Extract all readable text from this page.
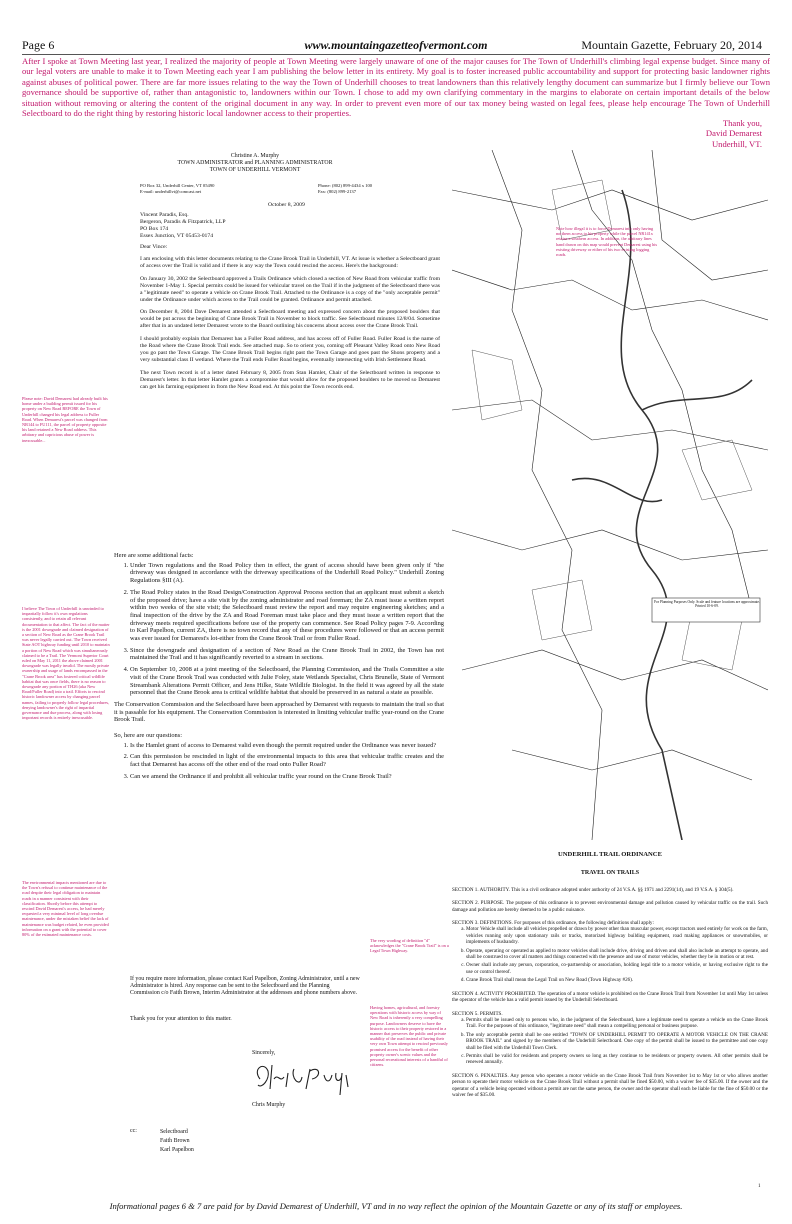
Page 6	www.mountaingazetteofvermont.com	Mountain Gazette, February 20, 2014
After I spoke at Town Meeting last year, I realized the majority of people at Town Meeting were largely unaware of one of the major causes for The Town of Underhill's climbing legal expense budget. Since many of our legal voters are unable to make it to Town Meeting each year I am publishing the below letter in its entirety. My goal is to foster increased public accountability and support for protecting basic landowner rights against abuses of political power. There are far more issues relating to the way the Town of Underhill chooses to treat landowners than this relatively lengthy document can summarize but I firmly believe our Town governance should be supportive of, rather than antagonistic to, landowners within our Town. I chose to add my own clarifying commentary in the margins to elaborate on certain important details of the below situation without removing or altering the content of the original document in any way. In order to prevent even more of our tax money being wasted on legal fees, please help encourage The Town of Underhill Selectboard to do the right thing by restoring historic local landowner access to their properties.
Thank you,
David Demarest
Underhill, VT.
Christine A. Murphy
TOWN ADMINISTRATOR and PLANNING ADMINISTRATOR
TOWN OF UNDERHILL VERMONT
PO Box 32, Underhill Center, VT 05490
E-mail: underhillvt@comcast.net
Phone: (802) 899-4434 x 100
Fax: (802) 899-2137
October 8, 2009
Vincent Paradis, Esq.
Bergeron, Paradis & Fitzpatrick, LLP
PO Box 174
Essex Junction, VT 05453-0174
Dear Vince:

I am enclosing with this letter documents relating to the Crane Brook Trail in Underhill, VT. At issue is whether a Selectboard grant of access over the Trail is valid and if there is any way the Town could rescind the access. Here's the background:

On January 30, 2002 the Selectboard approved a Trails Ordinance which closed a section of New Road from vehicular traffic from November 1-May 1. Special permits could be issued for vehicular travel on the Trail if in the judgment of the Selectboard there was a "legitimate need" to operate a vehicle on Crane Brook Trail. Attached to the Ordinance is a copy of the "only acceptable permit" under the Ordinance under which access to the Trail could be granted. Ordinance and permit attached.

On December 8, 2004 Dave Demarest attended a Selectboard meeting and expressed concern about the proposed boulders that would be put across the beginning of Crane Brook Trail in November to block traffic. See Selectboard minutes 12/8/04. Sometime after that in an undated letter Demarest wrote to the Board outlining his concerns about access over the Crane Brook Trail.

I should probably explain that Demarest has a Fuller Road address, and has access off of Fuller Road. Fuller Road is the name of the Road where the Crane Brook Trail ends. See attached map. So to orient you, coming off Pleasant Valley Road onto New Road you go past the Town Garage. The Crane Brook Trail begins right past the Town Garage and goes past the Shons property and a very substantial class II wetland. Where the Trail ends Fuller Road begins, eventually intersecting with Irish Settlement Road.

The next Town record is of a letter dated February 8, 2005 from Stan Hamlet, Chair of the Selectboard written in response to Demarest's letter. In that letter Hamlet grants a compromise that would allow for the proposed boulders to be moved so Demarest can get his farming equipment in from the New Road end. At this point the Town records end.

Note how illegal it is to force Demarest into only having northern access to his property while the parcel NR141x retains a southern access. In addition, the arbitrary lines hand drawn on this map would prevent Demarest using his existing driveway or either of his two existing logging roads.
For Planning Purposes Only. Scale and feature locations are approximate. Printed 10-6-09.
Please note: David Demarest had already built his home under a building permit issued for his property on New Road BEFORE the Town of Underhill changed his legal address to Fuller Road. When Demarest's parcel was changed from NR144 to FU111, the parcel of property opposite his land retained a New Road address. This arbitrary and capricious abuse of power is inexcusable...
I believe The Town of Underhill is unwinded to impartially follow it's own regulations consistently, and to retain all relevant documentation to that affect. The fact of the matter is the 2001 downgrade and claimed designation of a section of New Road as the Crane Brook Trail was never legally carried out. The Town received State AOT highway funding until 2010 to maintain a portion of New Road which was simultaneously claimed to be a Trail. The Vermont Superior Court ruled on May 11, 2011 the above claimed 2001 downgrade was legally invalid. The mostly private ownership and usage of lands encompassed in the "Crane Brook area" has fostered critical wildlife habitat that was once fields, there is no reason to downgrade any portion of TH26 (aka New Road/Fuller Road) into a trail. Efforts to rescind historic landowner access by changing parcel names, failing to properly follow legal procedures, denying landowner's the right of impartial governance and due process, along with losing important records is entirely inexcusable.
The environmental impacts mentioned are due to the Town's refusal to continue maintenance of the road despite their legal obligation to maintain roads in a manner consistent with their classification. Shortly before this attempt to rescind David Demarest's access, he had merely requested a very minimal level of long overdue maintenance, under the mistaken belief the lack of maintenance was budget related, he even provided information on a grant with the potential to cover 80% of the estimated maintenance costs.
The very wording of definition "d" acknowledges the "Crane Brook Trail" is on a Legal Town Highway.
Having homes, agricultural, and forestry operations with historic access by way of New Road is inherently a very compelling purpose. Landowners deserve to have the historic access to their property restored in a manner that preserves the public and private usability of the road instead of having their very own Town attempt to rescind previously promised access for the benefit of other property owner's scenic values and the personal recreational interests of a handful of citizens.
Here are some additional facts:
1. Under Town regulations and the Road Policy then in effect, the grant of access should have been given only if "the driveway was designed in accordance with the driveway specifications of the Underhill Road Policy." Underhill Zoning Regulations §III (A).
2. The Road Policy states in the Road Design/Construction Approval Process section that an applicant must submit a sketch of the proposed drive; have a site visit by the zoning administrator and road foreman; the ZA must issue a written report within two weeks of the site visit; the Selectboard must review the report and may require engineering sketches; and a final inspection of the drive by the ZA and Road Foreman must take place and they must issue a written report that the driveway meets required specifications before use of the property can commence. See Road Policy pages 7-9. According to Karl Papelbon, current ZA, there is no town record that any of these procedures were followed or that an access permit was ever issued for Demarest's lot-either from the Crane Brook Trail or from Fuller Road.
3. Since the downgrade and designation of a section of New Road as the Crane Brook Trail in 2002, the Town has not maintained the Trail and it has significantly reverted to a stream in sections.
4. On September 10, 2008 at a joint meeting of the Selectboard, the Planning Commission, and the Trails Committee a site visit of the Crane Brook Trail was conducted with Julie Foley, state Wetlands Specialist, Chris Brunelle, State of Vermont Streambank Alterations Permit Officer, and Jens Hilke, State Wildlife Biologist. In the field it was agreed by all the state personnel that the Crane Brook area is critical wildlife habitat that should be preserved in as natural a state as possible.
The Conservation Commission and the Selectboard have been approached by Demarest with requests to maintain the trail so that it is passable for his equipment. The Conservation Commission is interested in limiting vehicular traffic year-round on the Crane Brook Trail.
So, here are our questions:
1. Is the Hamlet grant of access to Demarest valid even though the permit required under the Ordinance was never issued?
2. Can this permission be rescinded in light of the environmental impacts to this area that vehicular traffic creates and the fact that Demarest has access off the other end of the road onto Fuller Road?
3. Can we amend the Ordinance if and prohibit all vehicular traffic year round on the Crane Brook Trail?
If you require more information, please contact Karl Papelbon, Zoning Administrator, until a new Administrator is hired. Any response can be sent to the Selectboard and the Planning Commission c/o Faith Brown, Interim Administrator at the addresses and phone numbers above.
Thank you for your attention to this matter.
Sincerely,
Chris Murphy
cc:	Selectboard
Faith Brown
Karl Papelbon
UNDERHILL TRAIL ORDINANCE
TRAVEL ON TRAILS
SECTION 1. AUTHORITY. This is a civil ordinance adopted under authority of 24 V.S.A. §§ 1971 and 2291(14), and 19 V.S.A. § 304(5).
SECTION 2. PURPOSE. The purpose of this ordinance is to prevent environmental damage and pollution caused by vehicular traffic on the trail. Such damage and pollution are hereby deemed to be a public nuisance.
SECTION 3. DEFINITIONS. For purposes of this ordinance, the following definitions shall apply:
a. Motor Vehicle shall include all vehicles propelled or drawn by power other than muscular power, except tractors used entirely for work on the farm, vehicles running only upon stationary rails or tracks, motorized highway building equipment, road making appliances or snowmobiles, or implements of husbandry.
b. Operate, operating or operated as applied to motor vehicles shall include drive, driving and driven and shall also include an attempt to operate, and shall be construed to cover all matters and things connected with the presence and use of motor vehicles, whether they be in motion or at rest.
c. Owner shall include any person, corporation, co-partnership or association, holding legal title to a motor vehicle, or having exclusive right to the use or control thereof.
d. Crane Brook Trail shall mean the Legal Trail on New Road (Town Highway #26).
SECTION 4. ACTIVITY PROHIBITED. The operation of a motor vehicle is prohibited on the Crane Brook Trail from November 1st until May 1st unless the operator of the vehicle has a valid permit issued by the Underhill Selectboard.
SECTION 5. PERMITS.
a. Permits shall be issued only to persons who, in the judgment of the Selectboard, have a legitimate need to operate a vehicle on the Crane Brook Trail. For the purposes of this ordinance, "legitimate need" shall mean a compelling personal or business purpose.
b. The only acceptable permit shall be one entitled "TOWN OF UNDERHILL PERMIT TO OPERATE A MOTOR VEHICLE ON THE CRANE BROOK TRAIL" and signed by the members of the Underhill Selectboard. One copy of the permit shall be issued to the permittee and one copy shall be filed with the Underhill Town Clerk.
c. Permits shall be valid for residents and property owners so long as they continue to be residents or property owners. All other permits shall be renewed annually.
SECTION 6. PENALTIES. Any person who operates a motor vehicle on the Crane Brook Trail from November 1st to May 1st or who allows another person to operate their motor vehicle on the Crane Brook Trail without a permit shall be fined $50.00, with a waiver fee of $35.00. If the owner and the operator of a vehicle being operated without a permit are not the same person, the owner and the operator shall each be liable for the fine of $50.00 or the waiver fee of $35.00.
1
Informational pages 6 & 7 are paid for by David Demarest of Underhill, VT and in no way reflect the opinion of the Mountain Gazette or any of its staff or employees.
